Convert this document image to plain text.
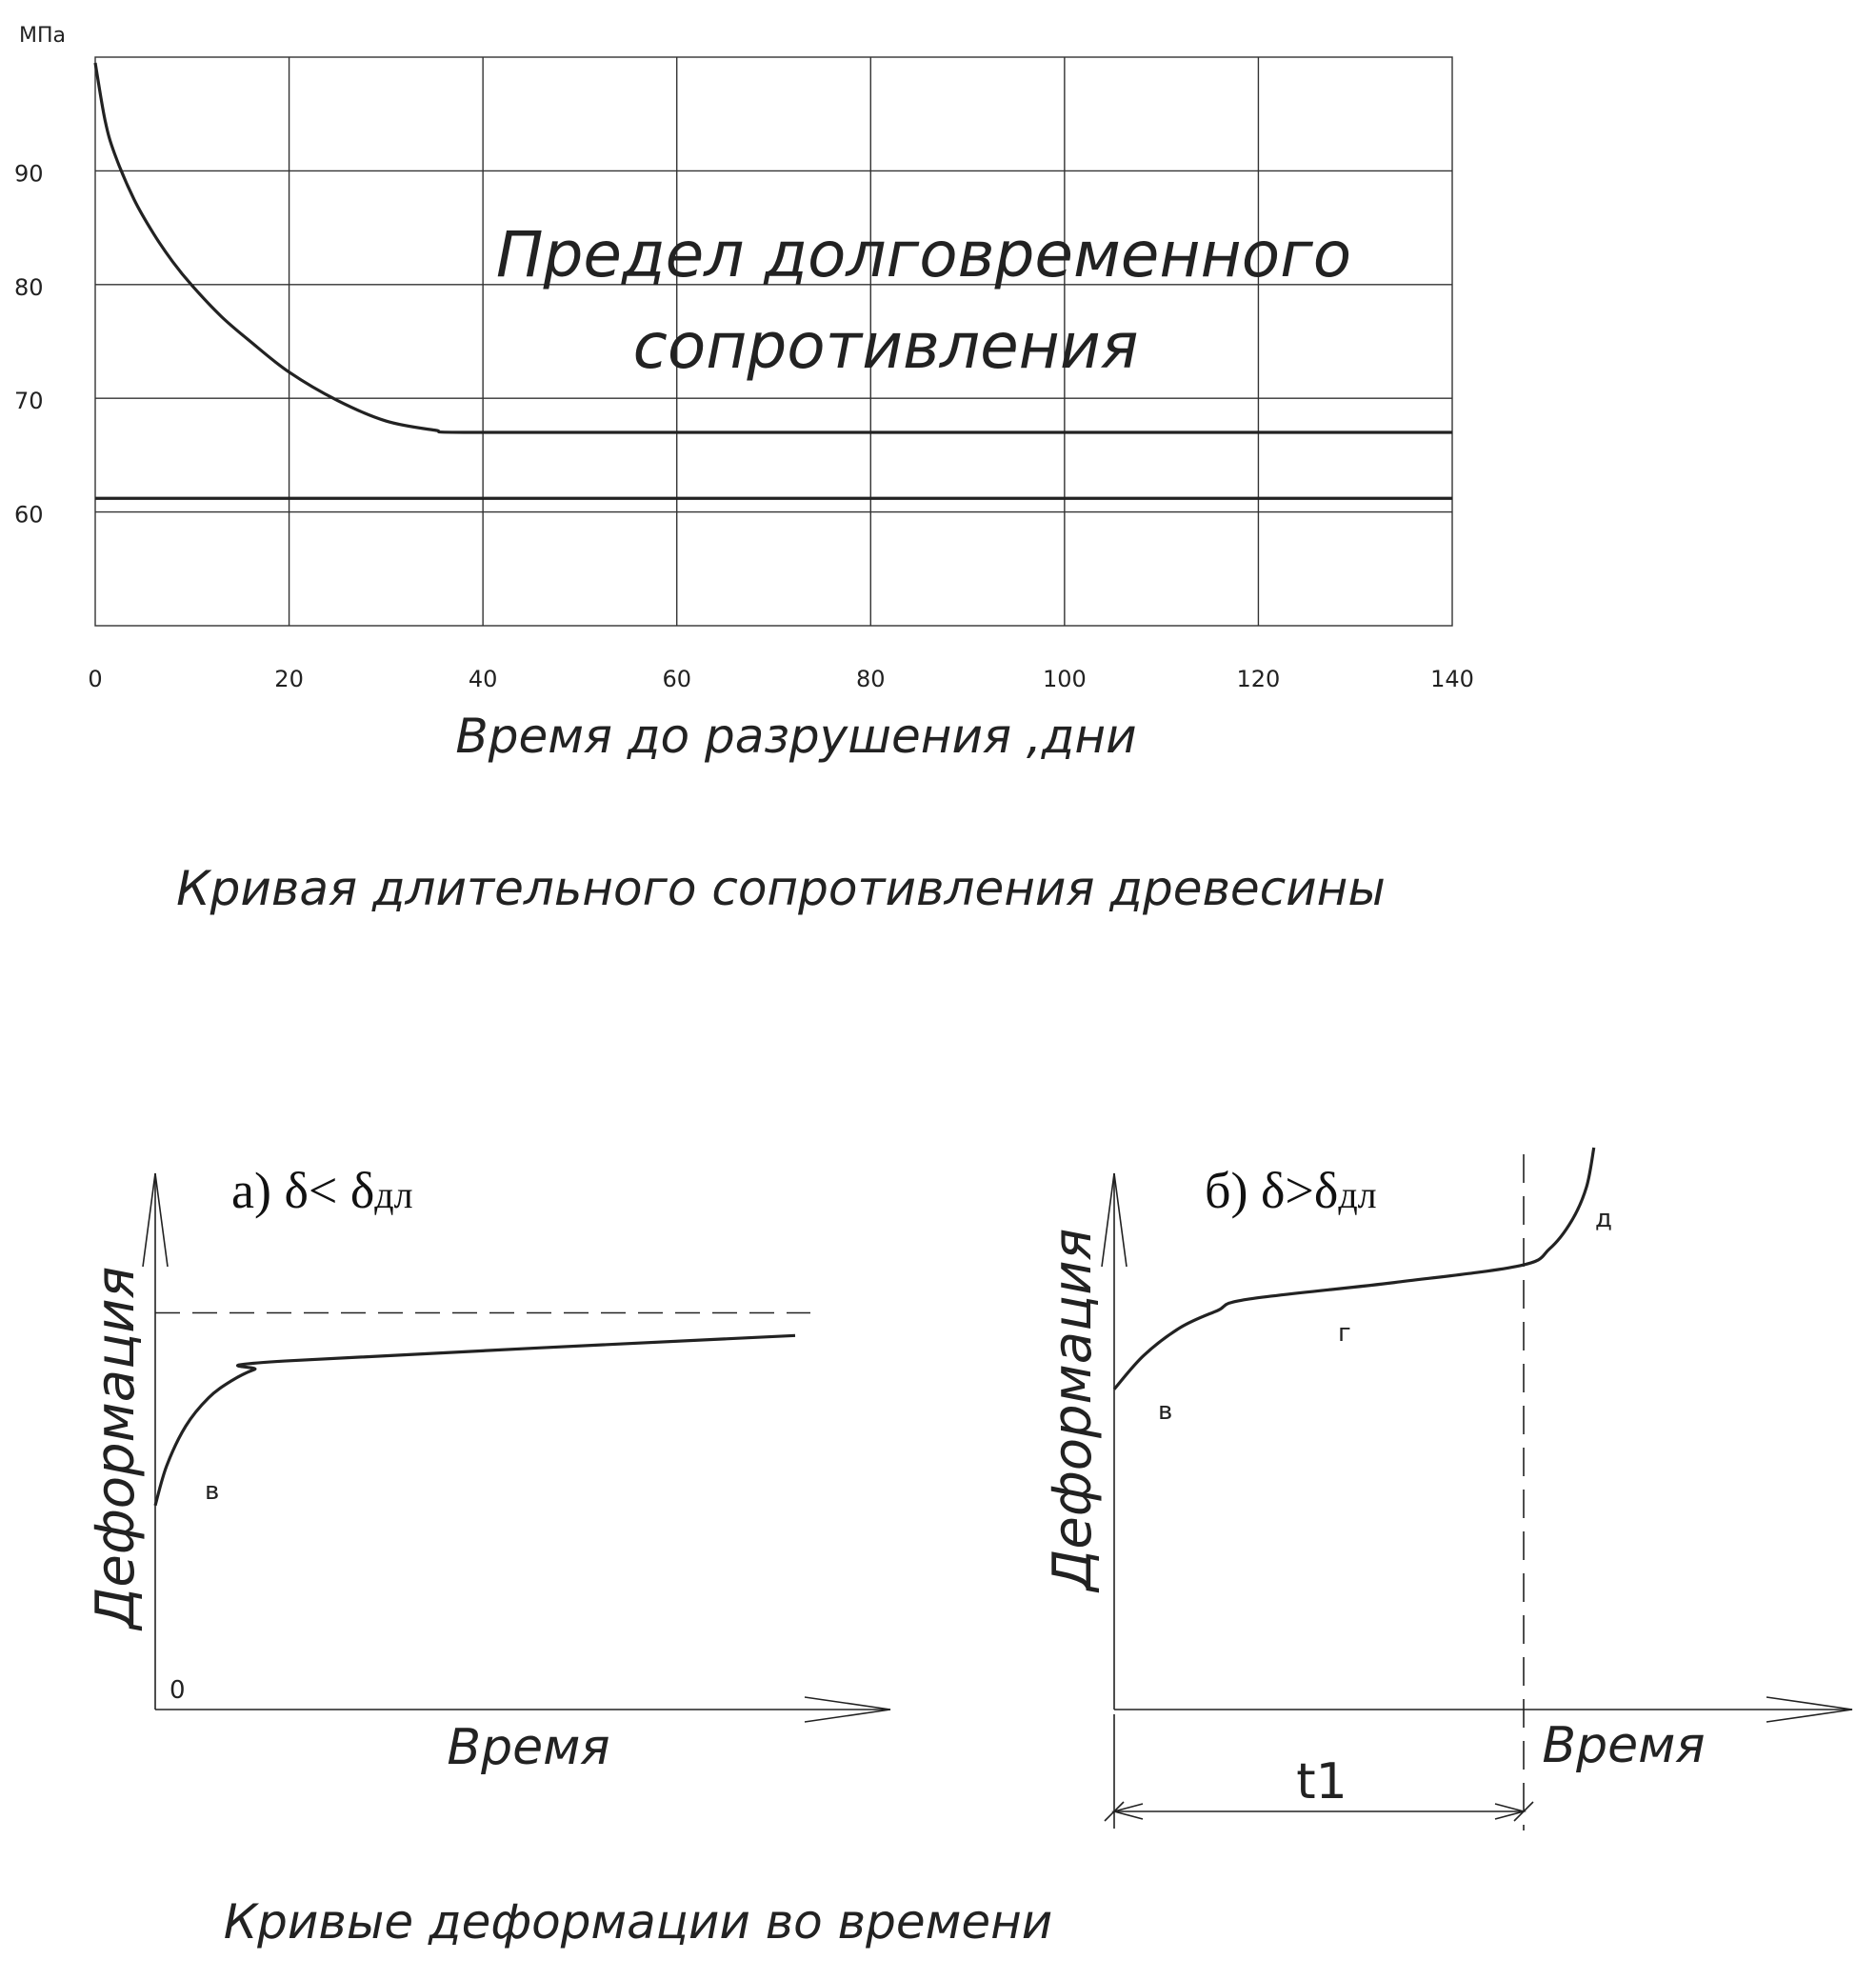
МПа
60
70
80
90
0	20	40	60	80	100	120	140
Предел долговременного
сопротивления
Время до разрушения ,дни
Кривая длительного сопротивления древесины
а) δ< δдл
0
в
Деформация
Время
б) δ>δдл
в
г
д
t1
Деформация
Время
Кривые деформации во времени
